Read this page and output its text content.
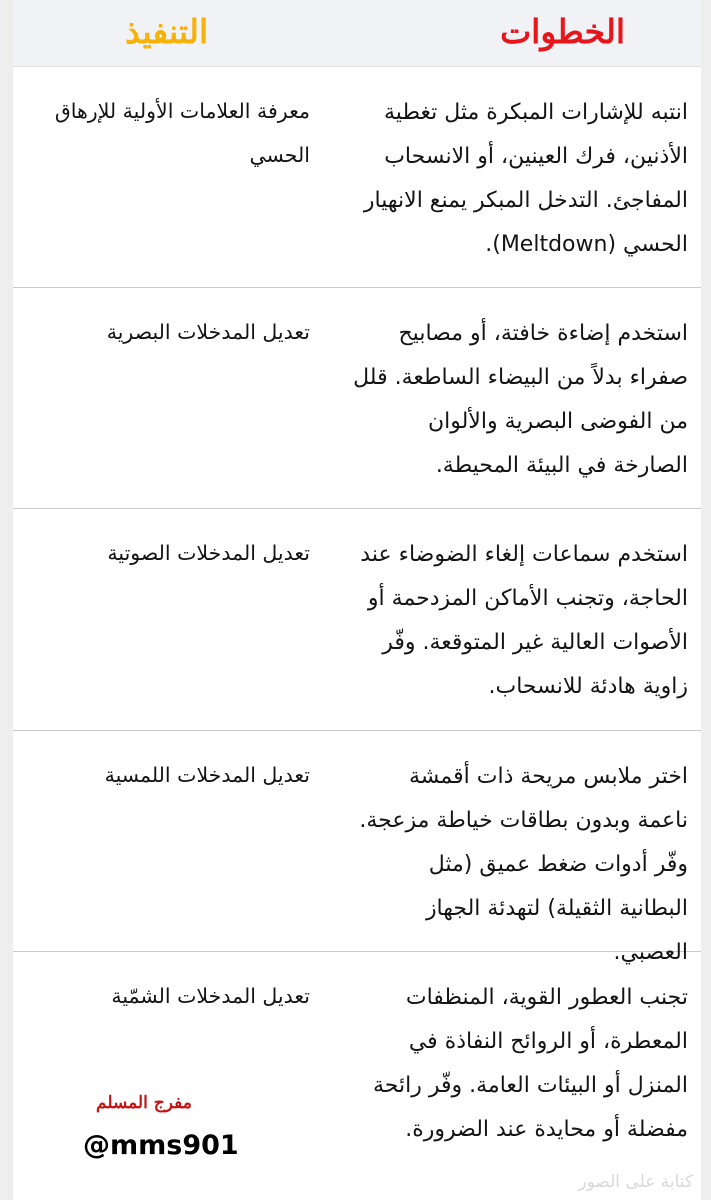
الخطوات
التنفيذ
انتبه للإشارات المبكرة مثل تغطية الأذنين، فرك العينين، أو الانسحاب المفاجئ. التدخل المبكر يمنع الانهيار الحسي (Meltdown).
معرفة العلامات الأولية للإرهاق الحسي
استخدم إضاءة خافتة، أو مصابيح صفراء بدلاً من البيضاء الساطعة. قلل من الفوضى البصرية والألوان الصارخة في البيئة المحيطة.
تعديل المدخلات البصرية
استخدم سماعات إلغاء الضوضاء عند الحاجة، وتجنب الأماكن المزدحمة أو الأصوات العالية غير المتوقعة. وفّر زاوية هادئة للانسحاب.
تعديل المدخلات الصوتية
اختر ملابس مريحة ذات أقمشة ناعمة وبدون بطاقات خياطة مزعجة. وفّر أدوات ضغط عميق (مثل البطانية الثقيلة) لتهدئة الجهاز العصبي.
تعديل المدخلات اللمسية
تجنب العطور القوية، المنظفات المعطرة، أو الروائح النفاذة في المنزل أو البيئات العامة. وفّر رائحة مفضلة أو محايدة عند الضرورة.
تعديل المدخلات الشمّية
مفرج المسلم
@mms901
كتابة على الصور
